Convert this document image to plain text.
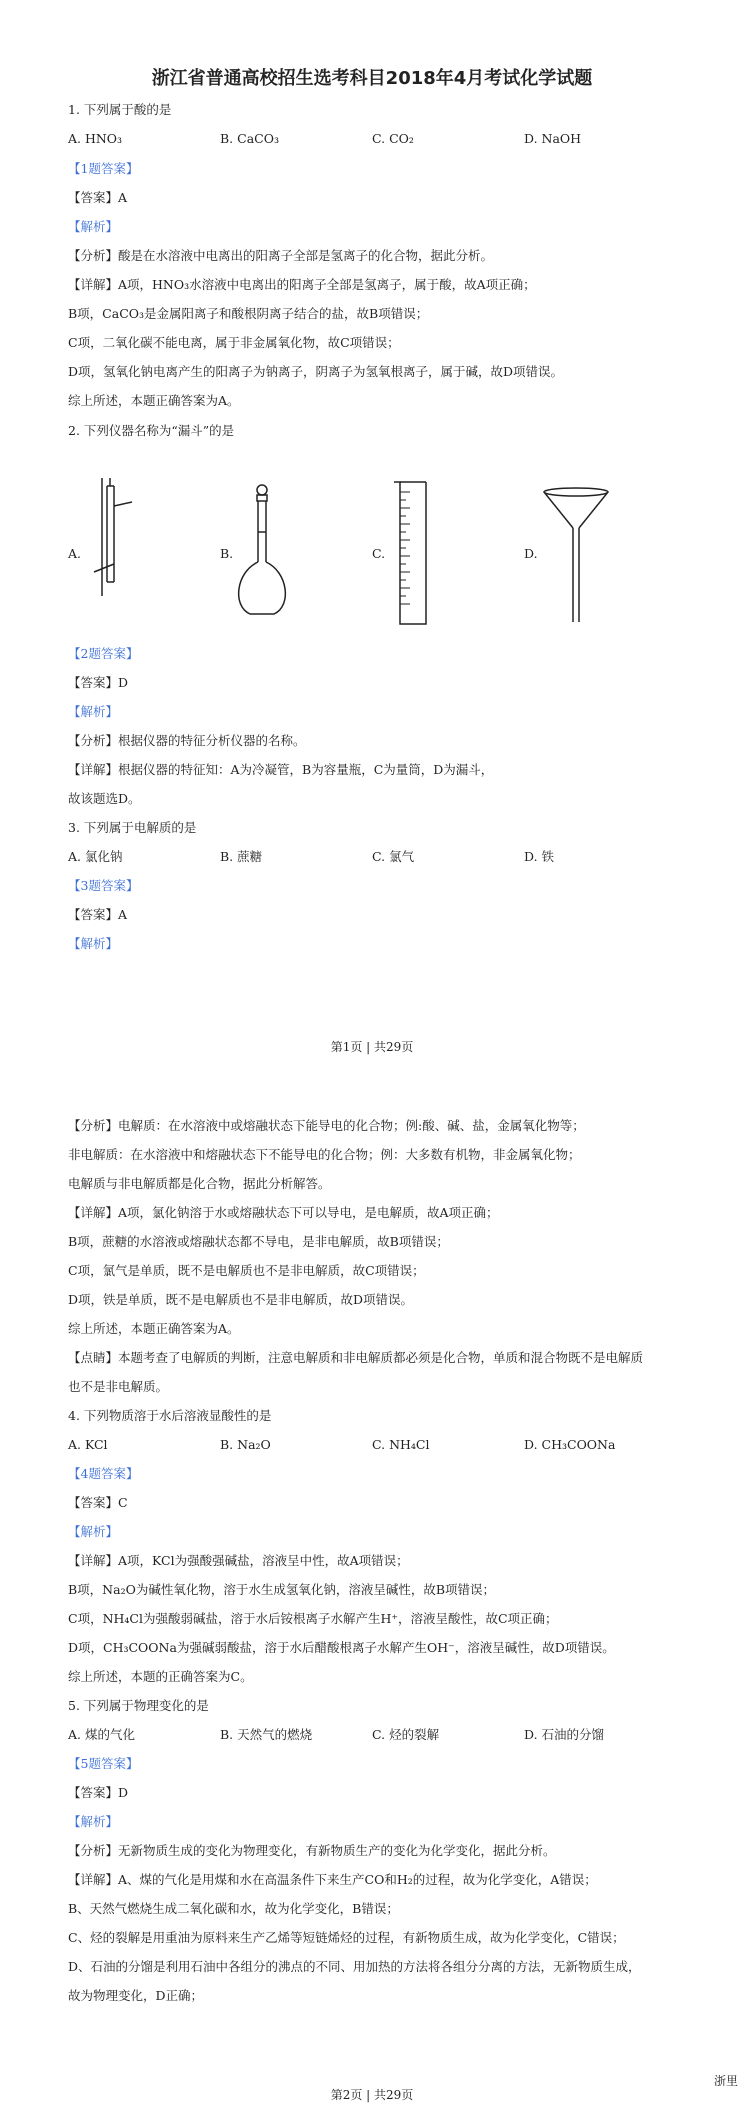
浙江省普通高校招生选考科目2018年4月考试化学试题
1. 下列属于酸的是
A. HNO₃	B. CaCO₃	C. CO₂	D. NaOH
【1题答案】
【答案】A
【解析】
【分析】酸是在水溶液中电离出的阳离子全部是氢离子的化合物，据此分析。
【详解】A项，HNO₃水溶液中电离出的阳离子全部是氢离子，属于酸，故A项正确；
B项，CaCO₃是金属阳离子和酸根阴离子结合的盐，故B项错误；
C项，二氧化碳不能电离，属于非金属氧化物，故C项错误；
D项，氢氧化钠电离产生的阳离子为钠离子，阴离子为氢氧根离子，属于碱，故D项错误。
综上所述，本题正确答案为A。
2. 下列仪器名称为“漏斗”的是
A.	B.	C.	D.
【2题答案】
【答案】D
【解析】
【分析】根据仪器的特征分析仪器的名称。
【详解】根据仪器的特征知：A为冷凝管，B为容量瓶，C为量筒，D为漏斗，
故该题选D。
3. 下列属于电解质的是
A. 氯化钠	B. 蔗糖	C. 氯气	D. 铁
【3题答案】
【答案】A
【解析】
第1页 | 共29页
【分析】电解质：在水溶液中或熔融状态下能导电的化合物；例:酸、碱、盐，金属氧化物等；
非电解质：在水溶液中和熔融状态下不能导电的化合物；例：大多数有机物，非金属氧化物；
电解质与非电解质都是化合物，据此分析解答。
【详解】A项，氯化钠溶于水或熔融状态下可以导电，是电解质，故A项正确；
B项，蔗糖的水溶液或熔融状态都不导电，是非电解质，故B项错误；
C项，氯气是单质，既不是电解质也不是非电解质，故C项错误；
D项，铁是单质，既不是电解质也不是非电解质，故D项错误。
综上所述，本题正确答案为A。
【点睛】本题考查了电解质的判断，注意电解质和非电解质都必须是化合物，单质和混合物既不是电解质
也不是非电解质。
4. 下列物质溶于水后溶液显酸性的是
A. KCl	B. Na₂O	C. NH₄Cl	D. CH₃COONa
【4题答案】
【答案】C
【解析】
【详解】A项，KCl为强酸强碱盐，溶液呈中性，故A项错误；
B项，Na₂O为碱性氧化物，溶于水生成氢氧化钠，溶液呈碱性，故B项错误；
C项，NH₄Cl为强酸弱碱盐，溶于水后铵根离子水解产生H⁺，溶液呈酸性，故C项正确；
D项，CH₃COONa为强碱弱酸盐，溶于水后醋酸根离子水解产生OH⁻，溶液呈碱性，故D项错误。
综上所述，本题的正确答案为C。
5. 下列属于物理变化的是
A. 煤的气化	B. 天然气的燃烧	C. 烃的裂解	D. 石油的分馏
【5题答案】
【答案】D
【解析】
【分析】无新物质生成的变化为物理变化，有新物质生产的变化为化学变化，据此分析。
【详解】A、煤的气化是用煤和水在高温条件下来生产CO和H₂的过程，故为化学变化，A错误；
B、天然气燃烧生成二氧化碳和水，故为化学变化，B错误；
C、烃的裂解是用重油为原料来生产乙烯等短链烯烃的过程，有新物质生成，故为化学变化，C错误；
D、石油的分馏是利用石油中各组分的沸点的不同、用加热的方法将各组分分离的方法，无新物质生成，
故为物理变化，D正确；
浙里
第2页 | 共29页
